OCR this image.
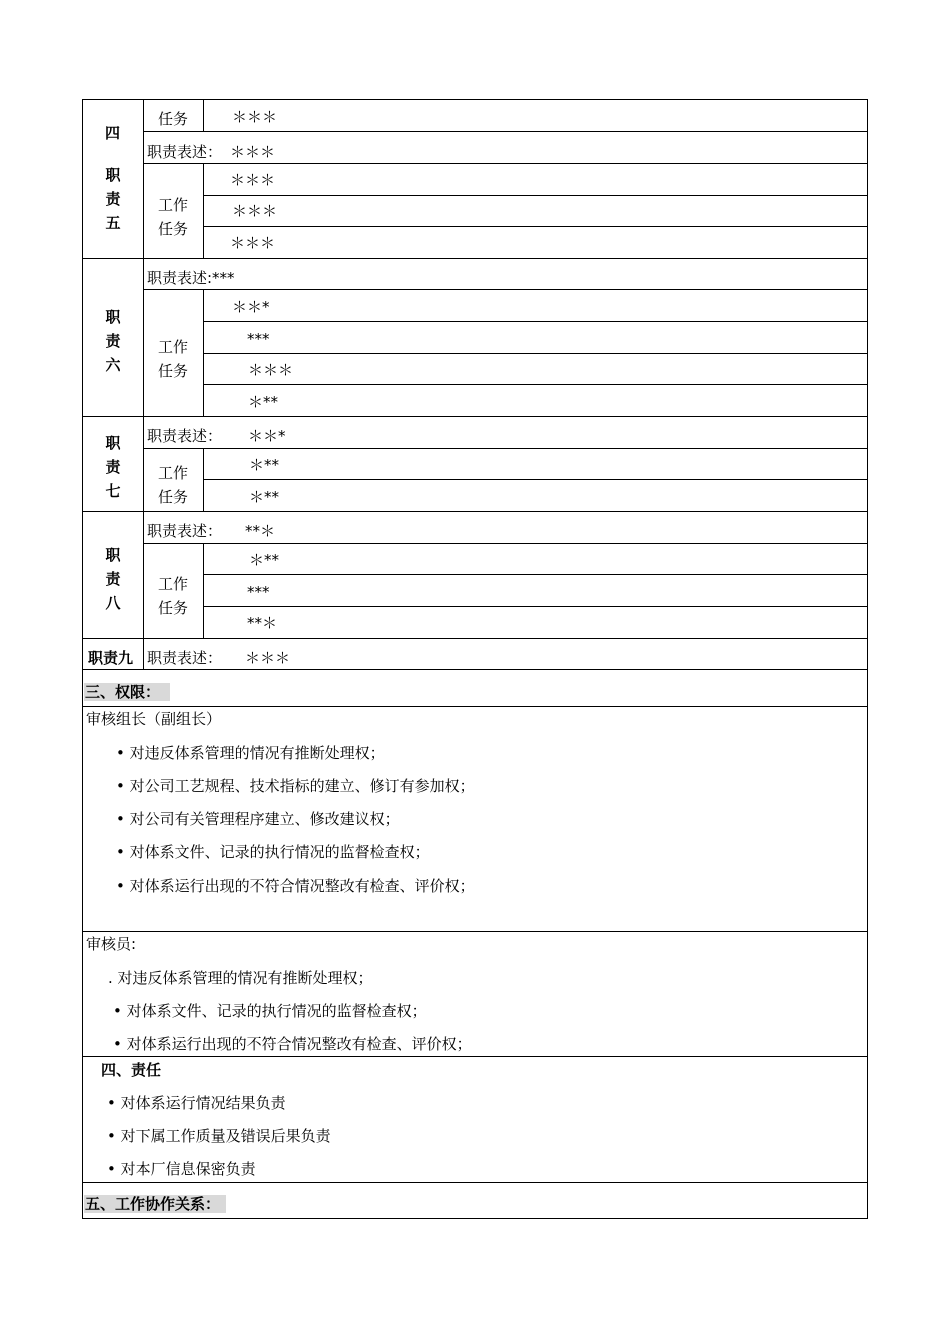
四
任务	＊＊＊
职
责
五
职责表述： ＊＊＊
工作
任务
＊＊＊
＊＊＊
＊＊＊
职
责
六
职责表述:***
工作
任务
＊＊*
***
＊＊＊
＊**
职
责
七
职责表述： ＊＊*
工作
任务
＊**
＊**
职
责
八
职责表述： **＊
工作
任务
＊**
***
**＊
职责九 职责表述： ＊＊＊
三、权限：
审核组长（副组长）
• 对违反体系管理的情况有推断处理权；
• 对公司工艺规程、技术指标的建立、修订有参加权；
• 对公司有关管理程序建立、修改建议权；
• 对体系文件、记录的执行情况的监督检查权；
• 对体系运行出现的不符合情况整改有检查、评价权；
审核员:
. 对违反体系管理的情况有推断处理权；
• 对体系文件、记录的执行情况的监督检查权；
• 对体系运行出现的不符合情况整改有检查、评价权；
四、责任
• 对体系运行情况结果负责
• 对下属工作质量及错误后果负责
• 对本厂信息保密负责
五、工作协作关系：
